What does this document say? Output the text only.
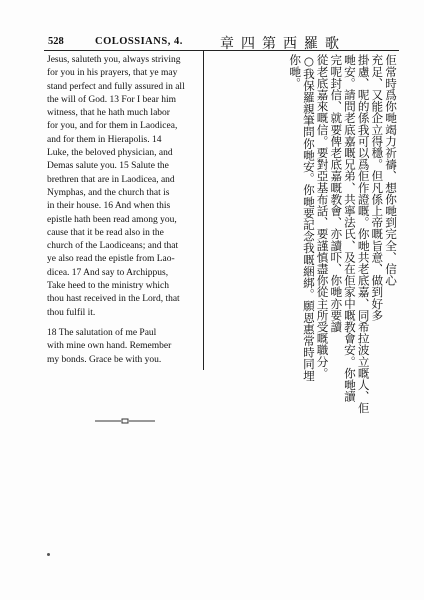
528	COLOSSIANS, 4.	章四第西羅歌
Jesus, saluteth you, always striving
for you in his prayers, that ye may
stand perfect and fully assured in all
the will of God. 13 For I bear him
witness, that he hath much labor
for you, and for them in Laodicea,
and for them in Hierapolis. 14
Luke, the beloved physician, and
Demas salute you. 15 Salute the
brethren that are in Laodicea, and
Nymphas, and the church that is
in their house. 16 And when this
epistle hath been read among you,
cause that it be read also in the
church of the Laodiceans; and that
ye also read the epistle from Lao-
dicea. 17 And say to Archippus,
Take heed to the ministry which
thou hast received in the Lord, that
thou fulfil it.
18 The salutation of me Paul
with mine own hand. Remember
my bonds. Grace be with you.
佢常時爲你哋竭力祈禱、想你哋到完全、信心
充足、又能企立得穩。但凡係上帝嘅旨意、做到好多
掛慮、呢的係我可以爲佢作證嘅。你哋共老底嘉、同希拉波立嘅人、佢
哋安。請問老底嘉嘅兄弟、共寧法氏、及在佢家中嘅教會安。你哋讀
完呢封信、就要俾老底嘉嘅教會、亦讀吓、你哋亦要讀
從老底嘉來嘅信。要對亞基布話、要謹慎盡你從主所受嘅職分。
○我保羅親筆問你哋安。你哋要記念我嘅綑綁。願恩惠常時同埋
你哋。
